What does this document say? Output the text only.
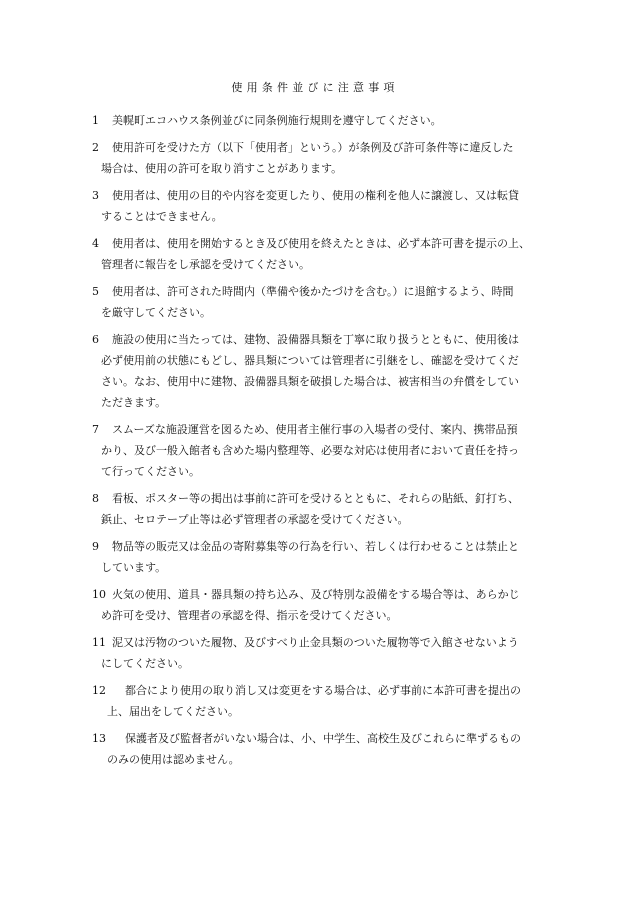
使用条件並びに注意事項
1	美幌町エコハウス条例並びに同条例施行規則を遵守してください。
2	使用許可を受けた方（以下「使用者」という。）が条例及び許可条件等に違反した
場合は、使用の許可を取り消すことがあります。
3	使用者は、使用の目的や内容を変更したり、使用の権利を他人に譲渡し、又は転貸
することはできません。
4	使用者は、使用を開始するとき及び使用を終えたときは、必ず本許可書を提示の上、
管理者に報告をし承認を受けてください。
5	使用者は、許可された時間内（準備や後かたづけを含む。）に退館するよう、時間
を厳守してください。
6	施設の使用に当たっては、建物、設備器具類を丁寧に取り扱うとともに、使用後は
必ず使用前の状態にもどし、器具類については管理者に引継をし、確認を受けてくだ
さい。なお、使用中に建物、設備器具類を破損した場合は、被害相当の弁償をしてい
ただきます。
7	スムーズな施設運営を図るため、使用者主催行事の入場者の受付、案内、携帯品預
かり、及び一般入館者も含めた場内整理等、必要な対応は使用者において責任を持っ
て行ってください。
8	看板、ポスター等の掲出は事前に許可を受けるとともに、それらの貼紙、釘打ち、
鋲止、セロテープ止等は必ず管理者の承認を受けてください。
9	物品等の販売又は金品の寄附募集等の行為を行い、若しくは行わせることは禁止と
しています。
10 火気の使用、道具・器具類の持ち込み、及び特別な設備をする場合等は、あらかじ
め許可を受け、管理者の承認を得、指示を受けてください。
11 泥又は汚物のついた履物、及びすべり止金具類のついた履物等で入館させないよう
にしてください。
12	都合により使用の取り消し又は変更をする場合は、必ず事前に本許可書を提出の
上、届出をしてください。
13	保護者及び監督者がいない場合は、小、中学生、高校生及びこれらに準ずるもの
のみの使用は認めません。
